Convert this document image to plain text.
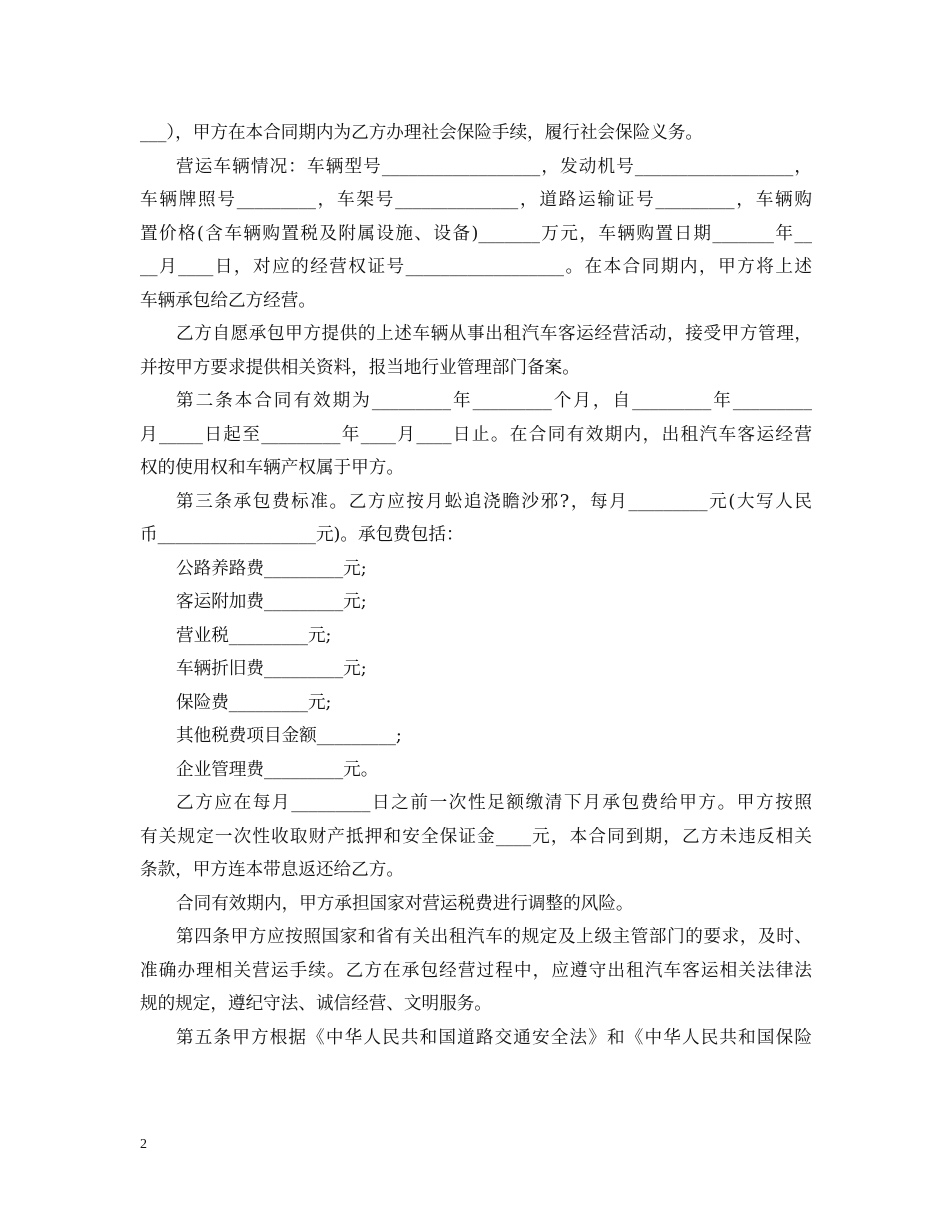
___），甲方在本合同期内为乙方办理社会保险手续，履行社会保险义务。
营运车辆情况：车辆型号__________________，发动机号__________________，
车辆牌照号_________，车架号______________，道路运输证号_________，车辆购
置价格(含车辆购置税及附属设施、设备)_______万元，车辆购置日期_______年__
__月____日，对应的经营权证号__________________。在本合同期内，甲方将上述
车辆承包给乙方经营。
乙方自愿承包甲方提供的上述车辆从事出租汽车客运经营活动，接受甲方管理，
并按甲方要求提供相关资料，报当地行业管理部门备案。
第二条本合同有效期为_________年_________个月，自_________年_________
月_____日起至_________年____月____日止。在合同有效期内，出租汽车客运经营
权的使用权和车辆产权属于甲方。
第三条承包费标准。乙方应按月蚣追浇瞻沙邪?，每月_________元(大写人民
币__________________元)。承包费包括：
公路养路费_________元;
客运附加费_________元;
营业税_________元;
车辆折旧费_________元;
保险费_________元;
其他税费项目金额_________;
企业管理费_________元。
乙方应在每月_________日之前一次性足额缴清下月承包费给甲方。甲方按照
有关规定一次性收取财产抵押和安全保证金____元，本合同到期，乙方未违反相关
条款，甲方连本带息返还给乙方。
合同有效期内，甲方承担国家对营运税费进行调整的风险。
第四条甲方应按照国家和省有关出租汽车的规定及上级主管部门的要求，及时、
准确办理相关营运手续。乙方在承包经营过程中，应遵守出租汽车客运相关法律法
规的规定，遵纪守法、诚信经营、文明服务。
第五条甲方根据《中华人民共和国道路交通安全法》和《中华人民共和国保险
2
